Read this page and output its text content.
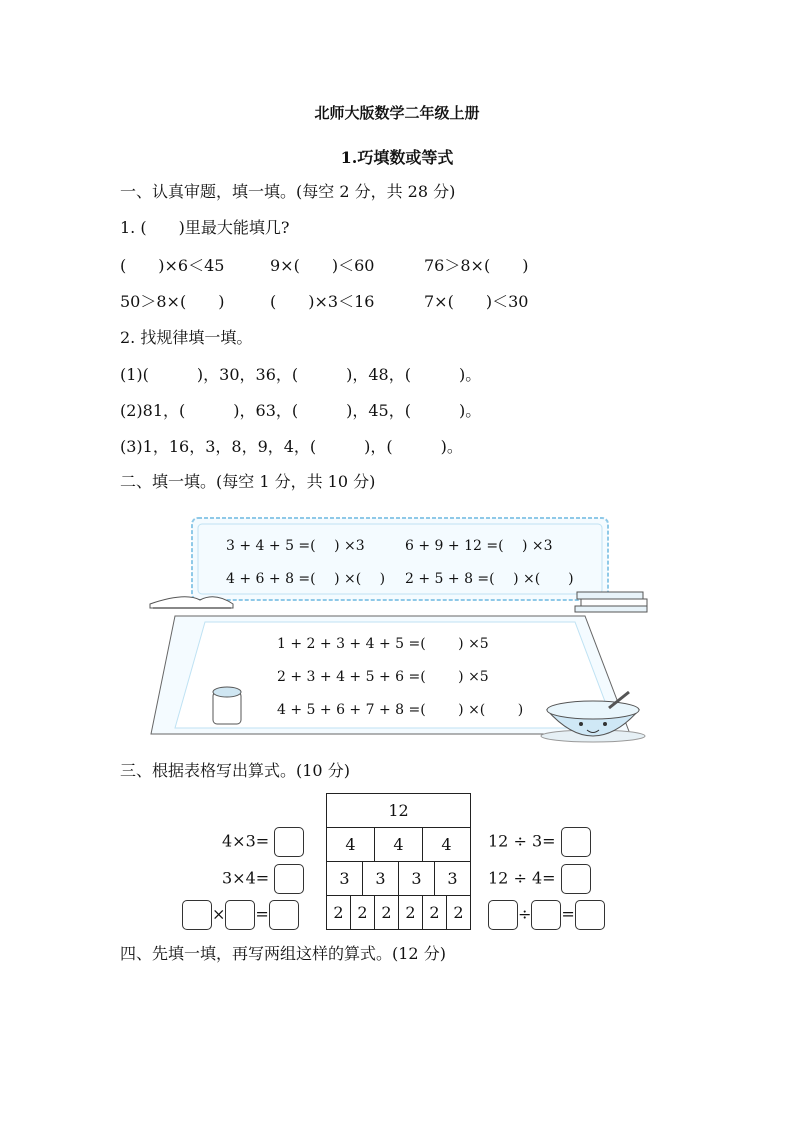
北师大版数学二年级上册
1.巧填数或等式
一、认真审题，填一填。(每空 2 分，共 28 分)
1. (　　)里最大能填几?
(　　)×6＜45	9×(　　)＜60	76＞8×(　　)
50＞8×(　　)	(　　)×3＜16	7×(　　)＜30
2. 找规律填一填。
(1)(　　　)，30，36，(　　　)，48，(　　　)。
(2)81，(　　　)，63，(　　　)，45，(　　　)。
(3)1，16，3，8，9，4，(　　　)，(　　　)。
二、填一填。(每空 1 分，共 10 分)
3 + 4 + 5 =(　 ) ×3	6 + 9 + 12 =(　 ) ×3
4 + 6 + 8 =(　 ) ×(　 ) 2 + 5 + 8 =(　 ) ×(　　)
1 + 2 + 3 + 4 + 5 =(　　 ) ×5
2 + 3 + 4 + 5 + 6 =(　　 ) ×5
4 + 5 + 6 + 7 + 8 =(　　 ) ×(　　 )
三、根据表格写出算式。(10 分)
12							
4			4		4		
3		3		3		3	
2	2		2	2	2		2
4×3=
3×4=
× =
12 ÷ 3=
12 ÷ 4=
÷ =
四、先填一填，再写两组这样的算式。(12 分)
